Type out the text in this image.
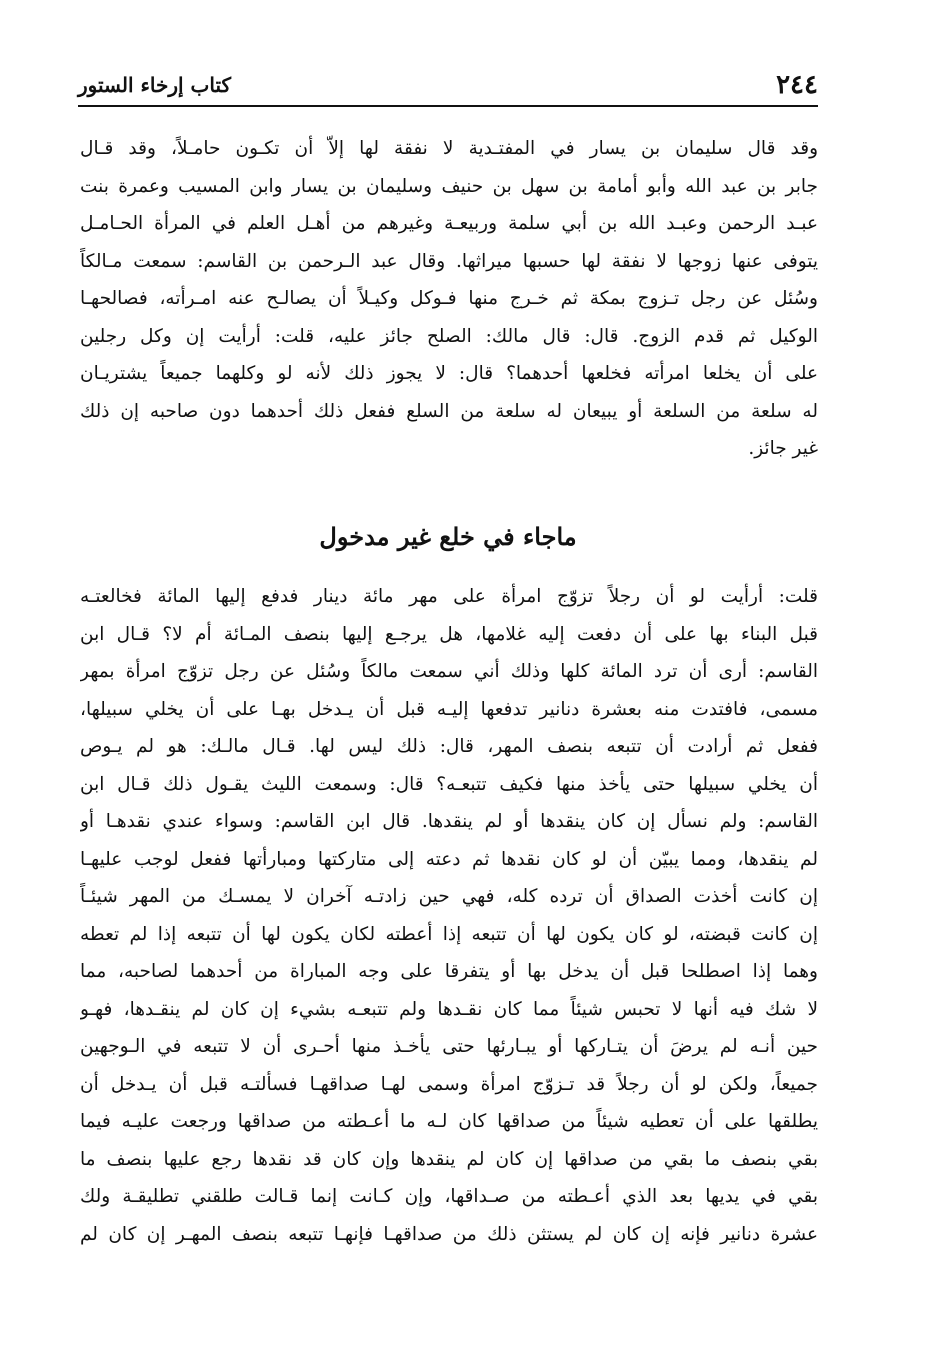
٢٤٤
كتاب إرخاء الستور
وقد قال سليمان بن يسار في المفتـدية لا نفقة لها إلاّ أن تكـون حامـلاً، وقد قـال
جابر بن عبد الله وأبو أمامة بن سهل بن حنيف وسليمان بن يسار وابن المسيب وعمرة بنت
عبـد الرحمن وعبـد الله بن أبي سلمة وربيعـة وغيرهم من أهـل العلم في المرأة الحـامـل
يتوفى عنها زوجها لا نفقة لها حسبها ميراثها. وقال عبد الـرحمن بن القاسم: سمعت مـالكاً
وسُئل عن رجل تـزوج بمكة ثم خـرج منها فـوكل وكيـلاً أن يصالـح عنه امـرأته، فصالحهـا
الوكيل ثم قدم الزوج. قال: قال مالك: الصلح جائز عليه، قلت: أرأيت إن وكل رجلين
على أن يخلعا امرأته فخلعها أحدهما؟ قال: لا يجوز ذلك لأنه لو وكلهما جميعاً يشتريـان
له سلعة من السلعة أو يبيعان له سلعة من السلع ففعل ذلك أحدهما دون صاحبه إن ذلك
غير جائز.
ماجاء في خلع غير مدخول
قلت: أرأيت لو أن رجلاً تزوّج امرأة على مهر مائة دينار فدفع إليها المائة فخالعتـه
قبل البناء بها على أن دفعت إليه غلامها، هل يرجـع إليها بنصف المـائة أم لا؟ قـال ابن
القاسم: أرى أن ترد المائة كلها وذلك أني سمعت مالكاً وسُئل عن رجل تزوّج امرأة بمهر
مسمى، فافتدت منه بعشرة دنانير تدفعها إليـه قبل أن يـدخل بهـا على أن يخلي سبيلها،
ففعل ثم أرادت أن تتبعه بنصف المهر، قال: ذلك ليس لها. قـال مالـك: هو لم يـوص
أن يخلي سبيلها حتى يأخذ منها فكيف تتبعـه؟ قال: وسمعت الليث يقـول ذلك قـال ابن
القاسم: ولم نسأل إن كان ينقدها أو لم ينقدها. قال ابن القاسم: وسواء عندي نقدهـا أو
لم ينقدها، ومما يبيّن أن لو كان نقدها ثم دعته إلى متاركتها ومبارأتها ففعل لوجب عليهـا
إن كانت أخذت الصداق أن ترده كله، فهي حين زادتـه آخران لا يمسـك من المهر شيئـاً
إن كانت قبضته، لو كان يكون لها أن تتبعه إذا أعطته لكان يكون لها أن تتبعه إذا لم تعطه
وهما إذا اصطلحا قبل أن يدخل بها أو يتفرقا على وجه المباراة من أحدهما لصاحبه، مما
لا شك فيه أنها لا تحبس شيئاً مما كان نقـدها ولم تتبعـه بشيء إن كان لم ينقـدها، فهـو
حين أنـه لم يرضَ أن يتـاركها أو يبـارئها حتى يأخـذ منها أحـرى أن لا تتبعه في الـوجهين
جميعاً، ولكن لو أن رجلاً قد تـزوّج امرأة وسمى لهـا صداقهـا فسألتـه قبل أن يـدخل أن
يطلقها على أن تعطيه شيئاً من صداقها كان لـه ما أعـطته من صداقها ورجعت عليـه فيما
بقي بنصف ما بقي من صداقها إن كان لم ينقدها وإن كان قد نقدها رجع عليها بنصف ما
بقي في يديها بعد الذي أعـطته من صـداقها، وإن كـانت إنما قـالت طلقني تطليقـة ولك
عشرة دنانير فإنه إن كان لم يستثن ذلك من صداقهـا فإنهـا تتبعه بنصف المهـر إن كان لم
